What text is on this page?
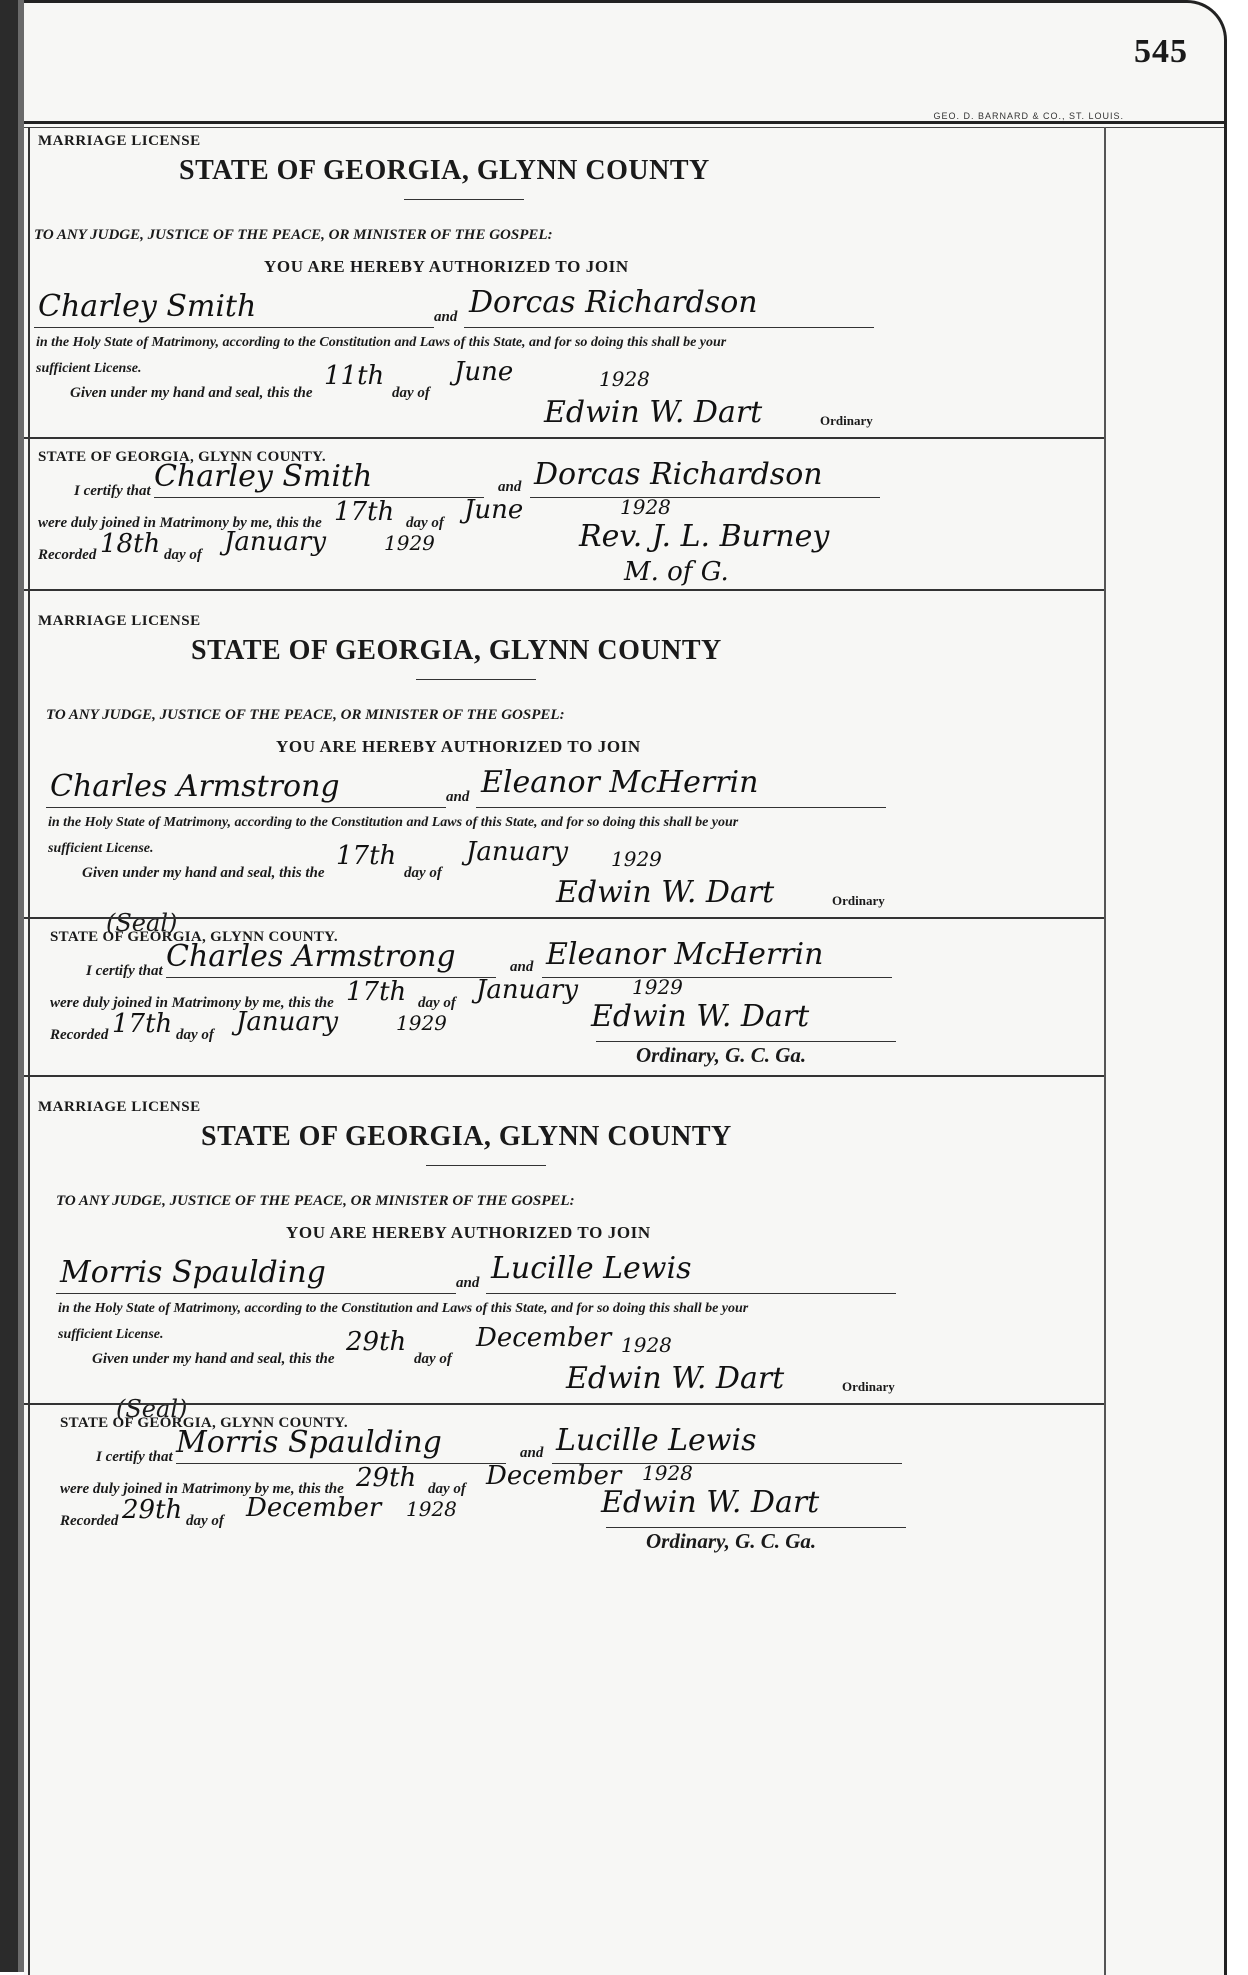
545
GEO. D. BARNARD & CO., ST. LOUIS.
MARRIAGE LICENSE
STATE OF GEORGIA, GLYNN COUNTY
TO ANY JUDGE, JUSTICE OF THE PEACE, OR MINISTER OF THE GOSPEL:
YOU ARE HEREBY AUTHORIZED TO JOIN
Charley Smith	and Dorcas Richardson
in the Holy State of Matrimony, according to the Constitution and Laws of this State, and for so doing this shall be your
sufficient License.
Given under my hand and seal, this the
11th
day of
June	1928
Edwin W. Dart	Ordinary
STATE OF GEORGIA, GLYNN COUNTY.
I certify that Charley Smith	and Dorcas Richardson
were duly joined in Matrimony by me, this the 17th day of June	1928
Recorded 18th day of January	1929	Rev. J. L. Burney
M. of G.
MARRIAGE LICENSE
STATE OF GEORGIA, GLYNN COUNTY
TO ANY JUDGE, JUSTICE OF THE PEACE, OR MINISTER OF THE GOSPEL:
YOU ARE HEREBY AUTHORIZED TO JOIN
Charles Armstrong	and Eleanor McHerrin
in the Holy State of Matrimony, according to the Constitution and Laws of this State, and for so doing this shall be your
sufficient License.
Given under my hand and seal, this the
17th
day of
January 1929
Edwin W. Dart	Ordinary
(Seal)
STATE OF GEORGIA, GLYNN COUNTY.
I certify that Charles Armstrong	and Eleanor McHerrin
were duly joined in Matrimony by me, this the 17th day of January	1929
Recorded 17th day of January	1929	Edwin W. Dart
Ordinary, G. C. Ga.
MARRIAGE LICENSE
STATE OF GEORGIA, GLYNN COUNTY
TO ANY JUDGE, JUSTICE OF THE PEACE, OR MINISTER OF THE GOSPEL:
YOU ARE HEREBY AUTHORIZED TO JOIN
Morris Spaulding	and Lucille Lewis
in the Holy State of Matrimony, according to the Constitution and Laws of this State, and for so doing this shall be your
sufficient License.
Given under my hand and seal, this the
29th
day of
December 1928
Edwin W. Dart	Ordinary
(Seal)
STATE OF GEORGIA, GLYNN COUNTY.
I certify that Morris Spaulding	and Lucille Lewis
were duly joined in Matrimony by me, this the 29th day of December 1928
Recorded 29th day of December 1928	Edwin W. Dart
Ordinary, G. C. Ga.
